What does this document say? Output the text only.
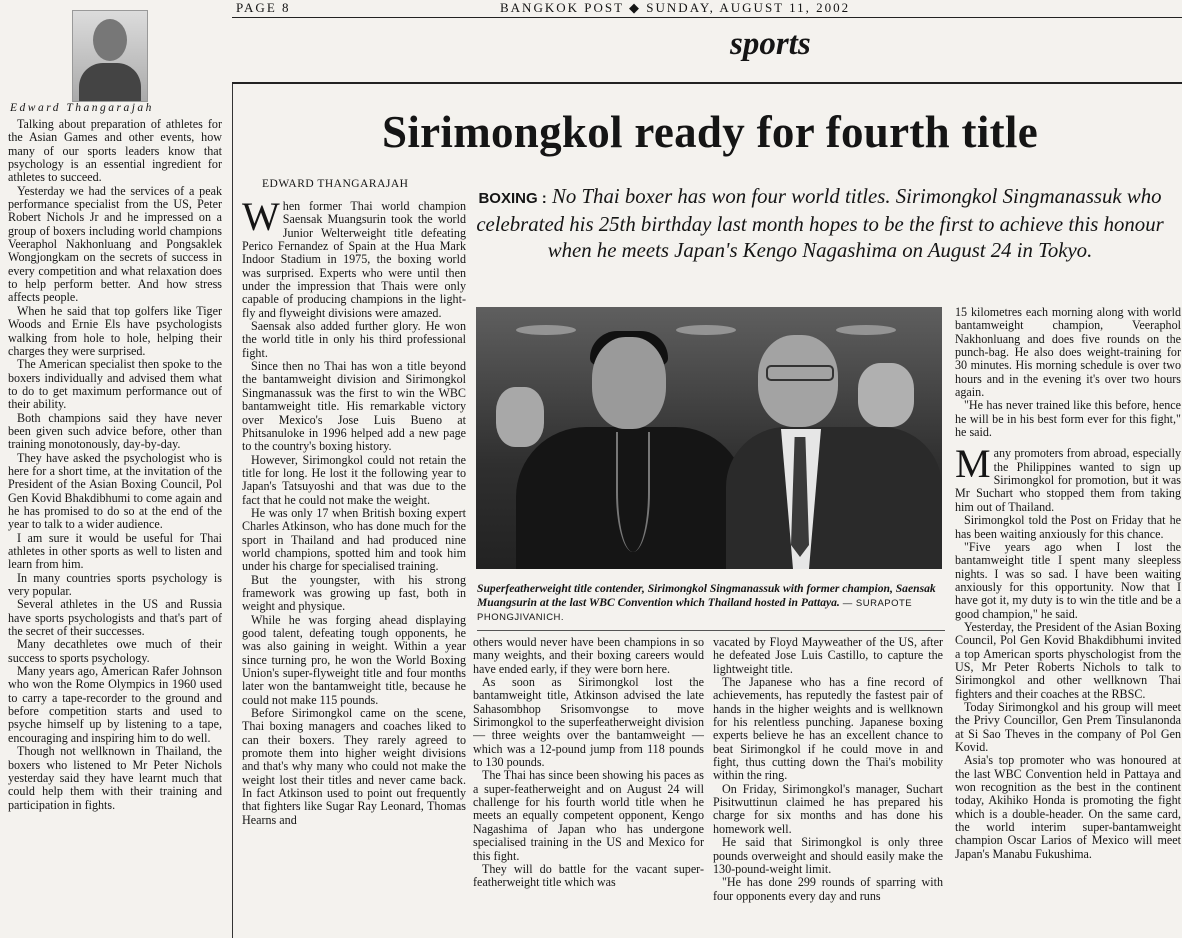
PAGE 8	BANGKOK POST ◆ SUNDAY, AUGUST 11, 2002
sports
Edward Thangarajah

Talking about preparation of athletes for the Asian Games and other events, how many of our sports leaders know that psychology is an essential ingredient for athletes to succeed.

Yesterday we had the services of a peak performance specialist from the US, Peter Robert Nichols Jr and he impressed on a group of boxers including world champions Veeraphol Nakhonluang and Pongsaklek Wongjongkam on the secrets of success in every competition and what relaxation does to help perform better. And how stress affects people.

When he said that top golfers like Tiger Woods and Ernie Els have psychologists walking from hole to hole, helping their charges they were surprised.

The American specialist then spoke to the boxers individually and advised them what to do to get maximum performance out of their ability.

Both champions said they have never been given such advice before, other than training monotonously, day-by-day.

They have asked the psychologist who is here for a short time, at the invitation of the President of the Asian Boxing Council, Pol Gen Kovid Bhakdibhumi to come again and he has promised to do so at the end of the year to talk to a wider audience.

I am sure it would be useful for Thai athletes in other sports as well to listen and learn from him.

In many countries sports psychology is very popular.

Several athletes in the US and Russia have sports psychologists and that's part of the secret of their successes.

Many decathletes owe much of their success to sports psychology.

Many years ago, American Rafer Johnson who won the Rome Olympics in 1960 used to carry a tape-recorder to the ground and before competition starts and used to psyche himself up by listening to a tape, encouraging and inspiring him to do well.

Though not wellknown in Thailand, the boxers who listened to Mr Peter Nichols yesterday said they have learnt much that could help them with their training and participation in fights.

Sirimongkol ready for fourth title
EDWARD THANGARAJAH
BOXING : No Thai boxer has won four world titles. Sirimongkol Singmanassuk who celebrated his 25th birthday last month hopes to be the first to achieve this honour when he meets Japan's Kengo Nagashima on August 24 in Tokyo.

When former Thai world champion Saensak Muangsurin took the world Junior Welterweight title defeating Perico Fernandez of Spain at the Hua Mark Indoor Stadium in 1975, the boxing world was surprised. Experts who were until then under the impression that Thais were only capable of producing champions in the light-fly and flyweight divisions were amazed.

Saensak also added further glory. He won the world title in only his third professional fight.

Since then no Thai has won a title beyond the bantamweight division and Sirimongkol Singmanassuk was the first to win the WBC bantamweight title. His remarkable victory over Mexico's Jose Luis Bueno at Phitsanuloke in 1996 helped add a new page to the country's boxing history.

However, Sirimongkol could not retain the title for long. He lost it the following year to Japan's Tatsuyoshi and that was due to the fact that he could not make the weight.

He was only 17 when British boxing expert Charles Atkinson, who has done much for the sport in Thailand and had produced nine world champions, spotted him and took him under his charge for specialised training.

But the youngster, with his strong framework was growing up fast, both in weight and physique.

While he was forging ahead displaying good talent, defeating tough opponents, he was also gaining in weight. Within a year since turning pro, he won the World Boxing Union's super-flyweight title and four months later won the bantamweight title, because he could not make 115 pounds.

Before Sirimongkol came on the scene, Thai boxing managers and coaches liked to can their boxers. They rarely agreed to promote them into higher weight divisions and that's why many who could not make the weight lost their titles and never came back. In fact Atkinson used to point out frequently that fighters like Sugar Ray Leonard, Thomas Hearns and

Superfeatherweight title contender, Sirimongkol Singmanassuk with former champion, Saensak Muangsurin at the last WBC Convention which Thailand hosted in Pattaya. — SURAPOTE PHONGJIVANICH.

others would never have been champions in so many weights, and their boxing careers would have ended early, if they were born here.

As soon as Sirimongkol lost the bantamweight title, Atkinson advised the late Sahasombhop Srisomvongse to move Sirimongkol to the superfeatherweight division — three weights over the bantamweight — which was a 12-pound jump from 118 pounds to 130 pounds.

The Thai has since been showing his paces as a super-featherweight and on August 24 will challenge for his fourth world title when he meets an equally competent opponent, Kengo Nagashima of Japan who has undergone specialised training in the US and Mexico for this fight.

They will do battle for the vacant super-featherweight title which was

vacated by Floyd Mayweather of the US, after he defeated Jose Luis Castillo, to capture the lightweight title.

The Japanese who has a fine record of achievements, has reputedly the fastest pair of hands in the higher weights and is wellknown for his relentless punching. Japanese boxing experts believe he has an excellent chance to beat Sirimongkol if he could move in and fight, thus cutting down the Thai's mobility within the ring.

On Friday, Sirimongkol's manager, Suchart Pisitwuttinun claimed he has prepared his charge for six months and has done his homework well.

He said that Sirimongkol is only three pounds overweight and should easily make the 130-pound-weight limit.

"He has done 299 rounds of sparring with four opponents every day and runs

15 kilometres each morning along with world bantamweight champion, Veeraphol Nakhonluang and does five rounds on the punch-bag. He also does weight-training for 30 minutes. His morning schedule is over two hours and in the evening it's over two hours again.

"He has never trained like this before, hence he will be in his best form ever for this fight," he said.

Many promoters from abroad, especially the Philippines wanted to sign up Sirimongkol for promotion, but it was Mr Suchart who stopped them from taking him out of Thailand.

Sirimongkol told the Post on Friday that he has been waiting anxiously for this chance.

"Five years ago when I lost the bantamweight title I spent many sleepless nights. I was so sad. I have been waiting anxiously for this opportunity. Now that I have got it, my duty is to win the title and be a good champion," he said.

Yesterday, the President of the Asian Boxing Council, Pol Gen Kovid Bhakdibhumi invited a top American sports physchologist from the US, Mr Peter Roberts Nichols to talk to Sirimongkol and other wellknown Thai fighters and their coaches at the RBSC.

Today Sirimongkol and his group will meet the Privy Councillor, Gen Prem Tinsulanonda at Si Sao Theves in the company of Pol Gen Kovid.

Asia's top promoter who was honoured at the last WBC Convention held in Pattaya and won recognition as the best in the continent today, Akihiko Honda is promoting the fight which is a double-header. On the same card, the world interim super-bantamweight champion Oscar Larios of Mexico will meet Japan's Manabu Fukushima.
